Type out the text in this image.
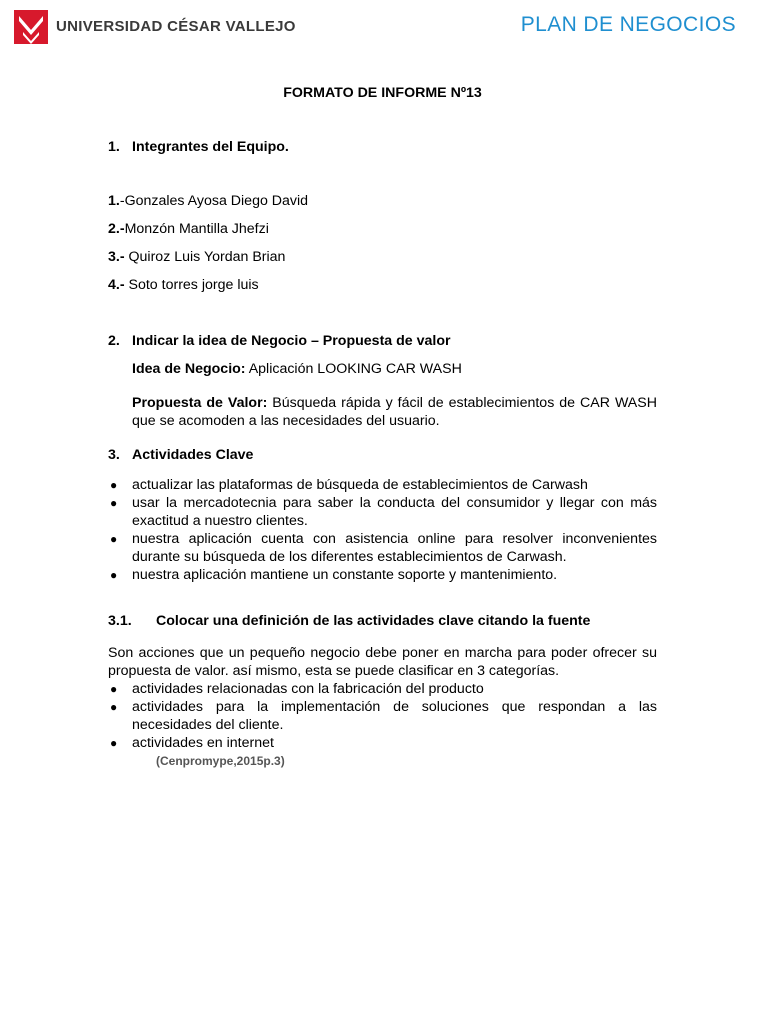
UNIVERSIDAD CÉSAR VALLEJO	PLAN DE NEGOCIOS

FORMATO DE INFORME Nº13

1. Integrantes del Equipo.

1.-Gonzales Ayosa Diego David

2.-Monzón Mantilla Jhefzi

3.- Quiroz Luis Yordan Brian

4.- Soto torres jorge luis

2. Indicar la idea de Negocio – Propuesta de valor

Idea de Negocio: Aplicación LOOKING CAR WASH

Propuesta de Valor: Búsqueda rápida y fácil de establecimientos de CAR WASH que se acomoden a las necesidades del usuario.

3. Actividades Clave

●	actualizar las plataformas de búsqueda de establecimientos de Carwash
●	usar la mercadotecnia para saber la conducta del consumidor y llegar con más exactitud a nuestro clientes.
●	nuestra aplicación cuenta con asistencia online para resolver inconvenientes durante su búsqueda de los diferentes establecimientos de Carwash.
●	nuestra aplicación mantiene un constante soporte y mantenimiento.

3.1.	Colocar una definición de las actividades clave citando la fuente

Son acciones que un pequeño negocio debe poner en marcha para poder ofrecer su propuesta de valor. así mismo, esta se puede clasificar en 3 categorías.

●	actividades relacionadas con la fabricación del producto
●	actividades para la implementación de soluciones que respondan a las necesidades del cliente.
●	actividades en internet
(Cenpromype,2015p.3)
